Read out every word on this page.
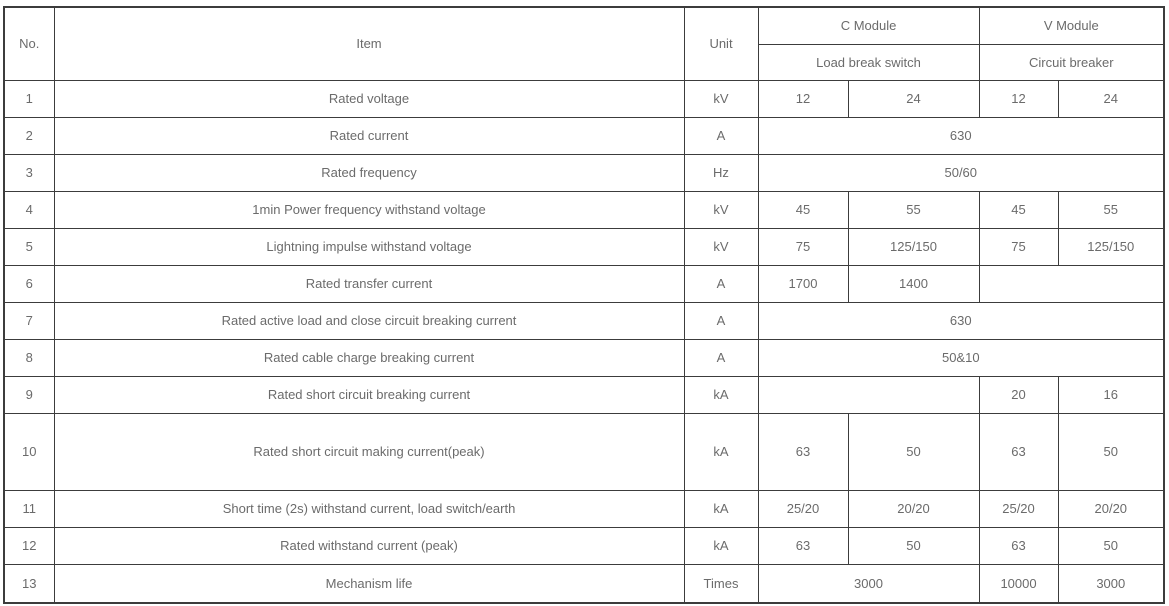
No.	Item	Unit	C Module		V Module	
			Load break switch		Circuit breaker	
1	Rated voltage	kV	12	24	12	24
2	Rated current	A	630			
3	Rated frequency	Hz	50/60			
4	1min Power frequency withstand voltage	kV	45	55	45	55
5	Lightning impulse withstand voltage	kV	75	125/150	75	125/150
6	Rated transfer current	A	1700	1400		
7	Rated active load and close circuit breaking current	A	630			
8	Rated cable charge breaking current	A	50&10			
9	Rated short circuit breaking current	kA			20	16
10	Rated short circuit making current(peak)	kA	63	50	63	50
11	Short time (2s) withstand current, load switch/earth	kA	25/20	20/20	25/20	20/20
12	Rated withstand current (peak)	kA	63	50	63	50
13	Mechanism life	Times	3000		10000	3000
